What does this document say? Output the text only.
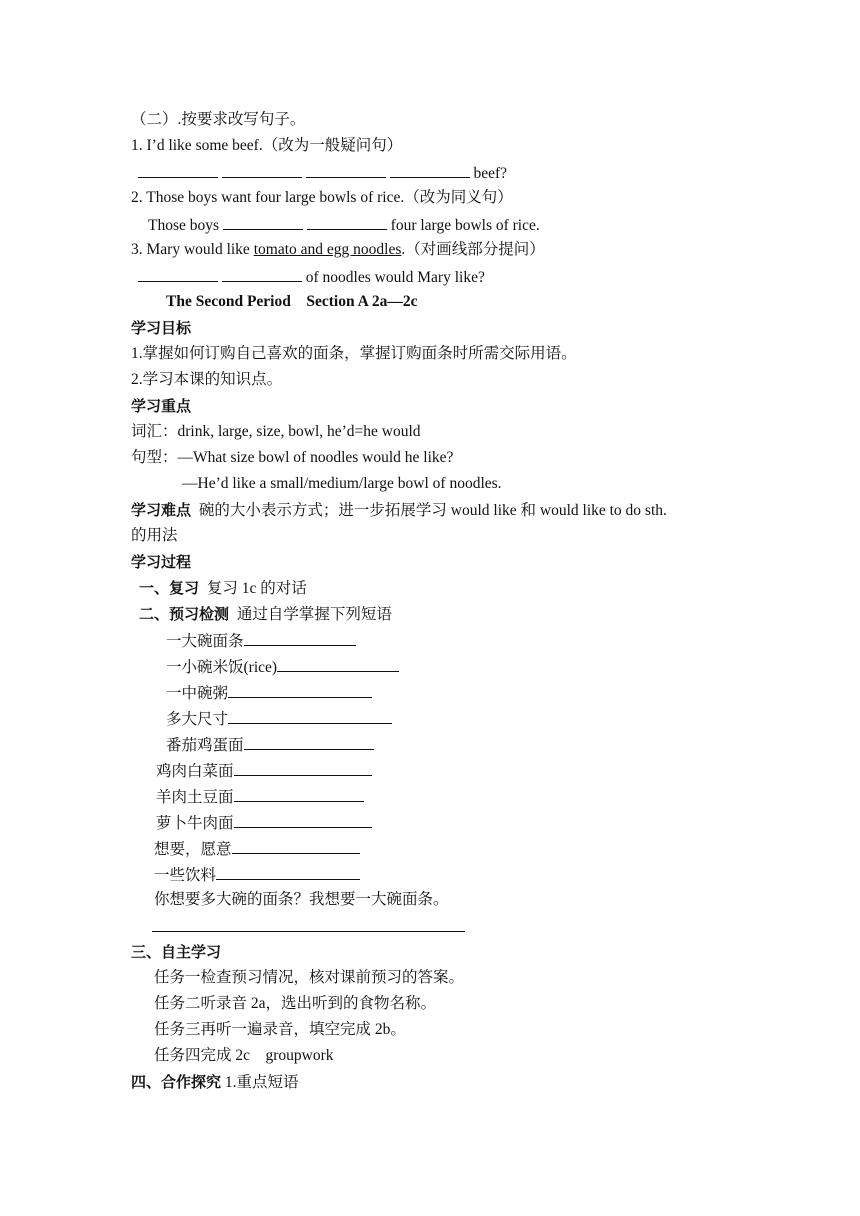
（二）.按要求改写句子。
1. I’d like some beef.（改为一般疑问句）
beef?
2. Those boys want four large bowls of rice.（改为同义句）
Those boys	four large bowls of rice.
3. Mary would like tomato and egg noodles.（对画线部分提问）
of noodles would Mary like?
The Second Period    Section A 2a—2c
学习目标
1.掌握如何订购自己喜欢的面条，掌握订购面条时所需交际用语。
2.学习本课的知识点。
学习重点
词汇：drink, large, size, bowl, he’d=he would
句型：—What size bowl of noodles would he like?
—He’d like a small/medium/large bowl of noodles.
学习难点 碗的大小表示方式；进一步拓展学习 would like 和 would like to do sth.
的用法
学习过程
一、复习 复习 1c 的对话
二、预习检测 通过自学掌握下列短语
一大碗面条
一小碗米饭(rice)
一中碗粥
多大尺寸
番茄鸡蛋面
鸡肉白菜面
羊肉土豆面
萝卜牛肉面
想要，愿意
一些饮料
你想要多大碗的面条？我想要一大碗面条。
三、自主学习
任务一检查预习情况，核对课前预习的答案。
任务二听录音 2a，选出听到的食物名称。
任务三再听一遍录音，填空完成 2b。
任务四完成 2c    groupwork
四、合作探究 1.重点短语
